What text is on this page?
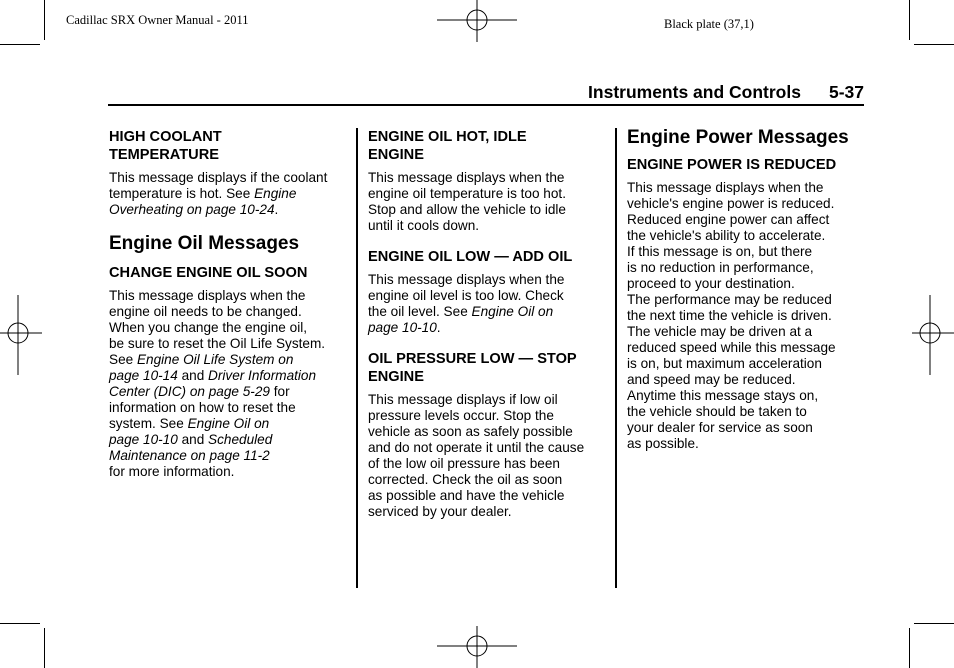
Cadillac SRX Owner Manual - 2011	Black plate (37,1)
Instruments and Controls 5-37
HIGH COOLANT
TEMPERATURE

This message displays if the coolant
temperature is hot. See Engine
Overheating on page 10-24.

Engine Oil Messages
CHANGE ENGINE OIL SOON

This message displays when the
engine oil needs to be changed.
When you change the engine oil,
be sure to reset the Oil Life System.
See Engine Oil Life System on
page 10-14 and Driver Information
Center (DIC) on page 5-29 for
information on how to reset the
system. See Engine Oil on
page 10-10 and Scheduled
Maintenance on page 11-2
for more information.

ENGINE OIL HOT, IDLE
ENGINE

This message displays when the
engine oil temperature is too hot.
Stop and allow the vehicle to idle
until it cools down.

ENGINE OIL LOW — ADD OIL

This message displays when the
engine oil level is too low. Check
the oil level. See Engine Oil on
page 10-10.

OIL PRESSURE LOW — STOP
ENGINE

This message displays if low oil
pressure levels occur. Stop the
vehicle as soon as safely possible
and do not operate it until the cause
of the low oil pressure has been
corrected. Check the oil as soon
as possible and have the vehicle
serviced by your dealer.

Engine Power Messages
ENGINE POWER IS REDUCED

This message displays when the
vehicle's engine power is reduced.
Reduced engine power can affect
the vehicle's ability to accelerate.
If this message is on, but there
is no reduction in performance,
proceed to your destination.
The performance may be reduced
the next time the vehicle is driven.
The vehicle may be driven at a
reduced speed while this message
is on, but maximum acceleration
and speed may be reduced.
Anytime this message stays on,
the vehicle should be taken to
your dealer for service as soon
as possible.
